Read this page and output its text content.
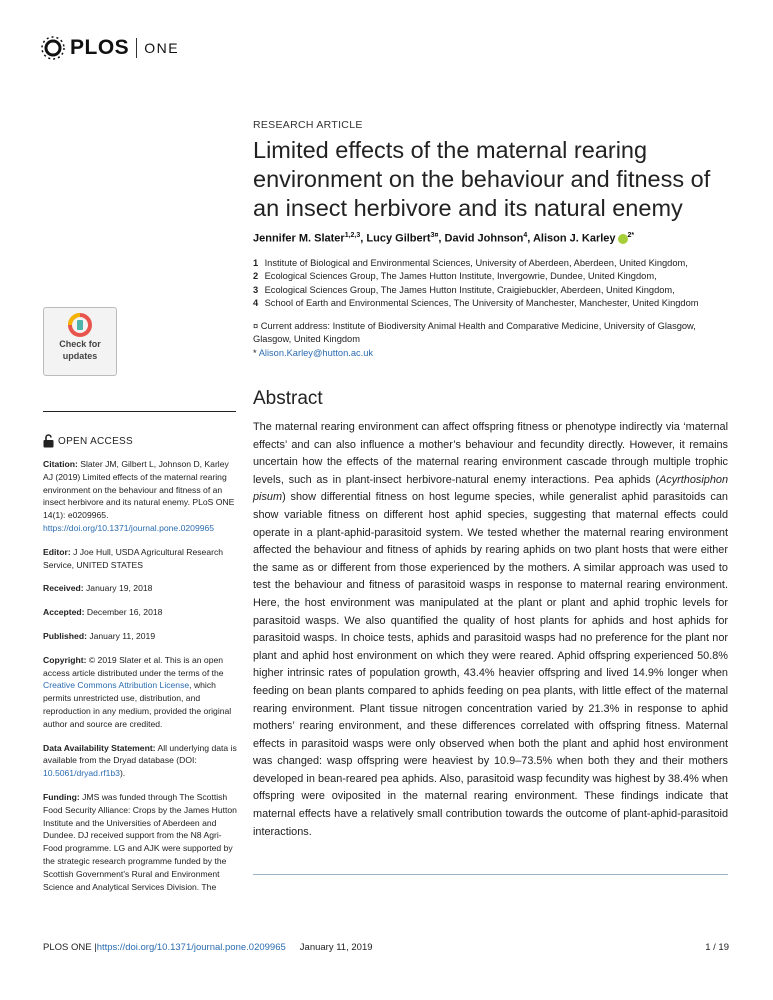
PLOS ONE
Check for
updates
OPEN ACCESS

Citation: Slater JM, Gilbert L, Johnson D, Karley AJ (2019) Limited effects of the maternal rearing environment on the behaviour and fitness of an insect herbivore and its natural enemy. PLoS ONE 14(1): e0209965. https://doi.org/10.1371/journal.pone.0209965

Editor: J Joe Hull, USDA Agricultural Research Service, UNITED STATES

Received: January 19, 2018

Accepted: December 16, 2018

Published: January 11, 2019

Copyright: © 2019 Slater et al. This is an open access article distributed under the terms of the Creative Commons Attribution License, which permits unrestricted use, distribution, and reproduction in any medium, provided the original author and source are credited.

Data Availability Statement: All underlying data is available from the Dryad database (DOI: 10.5061/dryad.rf1b3).

Funding: JMS was funded through The Scottish Food Security Alliance: Crops by the James Hutton Institute and the Universities of Aberdeen and Dundee. DJ received support from the N8 Agri-Food programme. LG and AJK were supported by the strategic research programme funded by the Scottish Government’s Rural and Environment Science and Analytical Services Division. The

RESEARCH ARTICLE
Limited effects of the maternal rearing environment on the behaviour and fitness of an insect herbivore and its natural enemy
Jennifer M. Slater$^{1,2,3}$, Lucy Gilbert$^{3¤}$, David Johnson$^4$, Alison J. Karley $^{2*}$
1 Institute of Biological and Environmental Sciences, University of Aberdeen, Aberdeen, United Kingdom,
2 Ecological Sciences Group, The James Hutton Institute, Invergowrie, Dundee, United Kingdom,
3 Ecological Sciences Group, The James Hutton Institute, Craigiebuckler, Aberdeen, United Kingdom,
4 School of Earth and Environmental Sciences, The University of Manchester, Manchester, United Kingdom
¤ Current address: Institute of Biodiversity Animal Health and Comparative Medicine, University of Glasgow, Glasgow, United Kingdom
* Alison.Karley@hutton.ac.uk
Abstract
The maternal rearing environment can affect offspring fitness or phenotype indirectly via ‘maternal effects’ and can also influence a mother’s behaviour and fecundity directly. However, it remains uncertain how the effects of the maternal rearing environment cascade through multiple trophic levels, such as in plant-insect herbivore-natural enemy interactions. Pea aphids (Acyrthosiphon pisum) show differential fitness on host legume species, while generalist aphid parasitoids can show variable fitness on different host aphid species, suggesting that maternal effects could operate in a plant-aphid-parasitoid system. We tested whether the maternal rearing environment affected the behaviour and fitness of aphids by rearing aphids on two plant hosts that were either the same as or different from those experienced by the mothers. A similar approach was used to test the behaviour and fitness of parasitoid wasps in response to maternal rearing environment. Here, the host environment was manipulated at the plant or plant and aphid trophic levels for parasitoid wasps. We also quantified the quality of host plants for aphids and host aphids for parasitoid wasps. In choice tests, aphids and parasitoid wasps had no preference for the plant nor plant and aphid host environment on which they were reared. Aphid offspring experienced 50.8% higher intrinsic rates of population growth, 43.4% heavier offspring and lived 14.9% longer when feeding on bean plants compared to aphids feeding on pea plants, with little effect of the maternal rearing environment. Plant tissue nitrogen concentration varied by 21.3% in response to aphid mothers’ rearing environment, and these differences correlated with offspring fitness. Maternal effects in parasitoid wasps were only observed when both the plant and aphid host environment was changed: wasp offspring were heaviest by 10.9–73.5% when both they and their mothers developed in bean-reared pea aphids. Also, parasitoid wasp fecundity was highest by 38.4% when offspring were oviposited in the maternal rearing environment. These findings indicate that maternal effects have a relatively small contribution towards the outcome of plant-aphid-parasitoid interactions.
PLOS ONE | https://doi.org/10.1371/journal.pone.0209965 January 11, 2019	1 / 19
